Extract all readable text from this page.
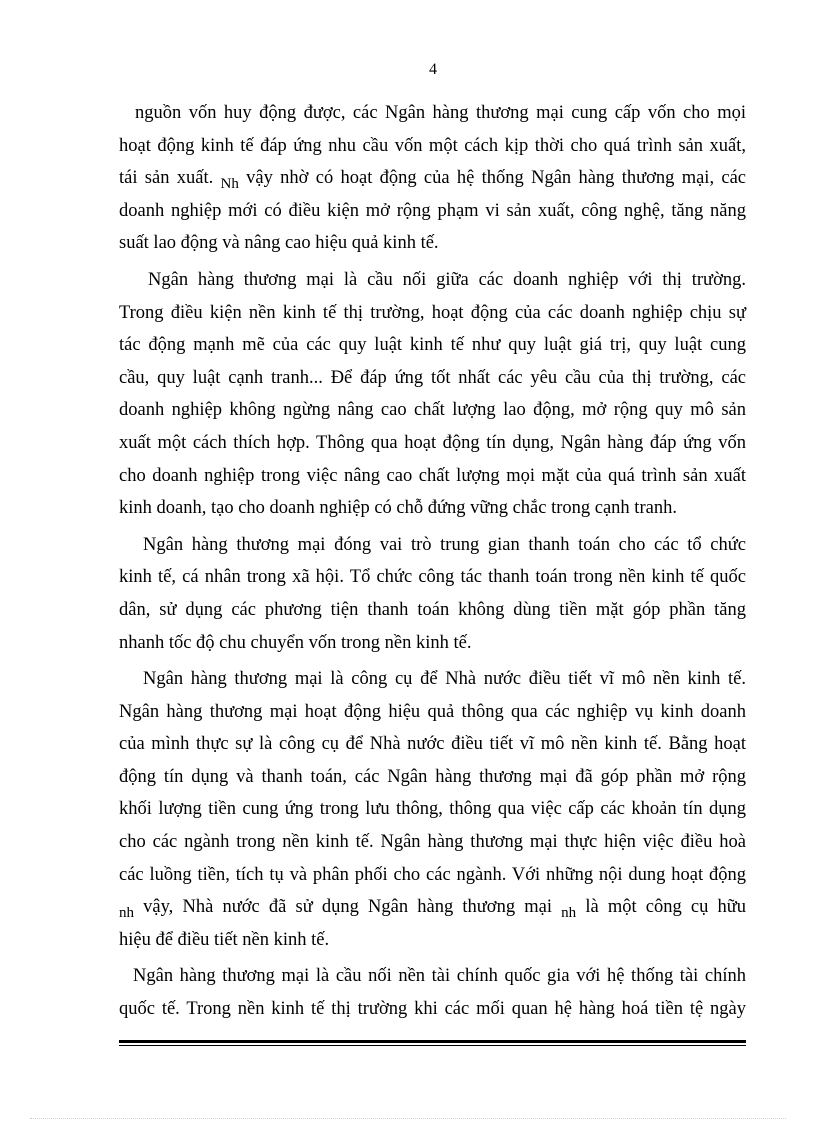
4
nguồn vốn huy động được, các Ngân hàng thương mại cung cấp vốn cho mọi
hoạt động kinh tế đáp ứng nhu cầu vốn một cách kịp thời cho quá trình sản xuất,
tái sản xuất. $_{Nh}$ vậy nhờ có hoạt động của hệ thống Ngân hàng thương mại, các
doanh nghiệp mới có điều kiện mở rộng phạm vi sản xuất, công nghệ, tăng năng
suất lao động và nâng cao hiệu quả kinh tế.
Ngân hàng thương mại là cầu nối giữa các doanh nghiệp với thị trường.
Trong điều kiện nền kinh tế thị trường, hoạt động của các doanh nghiệp chịu sự
tác động mạnh mẽ của các quy luật kinh tế như quy luật giá trị, quy luật cung
cầu, quy luật cạnh tranh... Để đáp ứng tốt nhất các yêu cầu của thị trường, các
doanh nghiệp không ngừng nâng cao chất lượng lao động, mở rộng quy mô sản
xuất một cách thích hợp. Thông qua hoạt động tín dụng, Ngân hàng đáp ứng vốn
cho doanh nghiệp trong việc nâng cao chất lượng mọi mặt của quá trình sản xuất
kinh doanh, tạo cho doanh nghiệp có chỗ đứng vững chắc trong cạnh tranh.
Ngân hàng thương mại đóng vai trò trung gian thanh toán cho các tổ chức
kinh tế, cá nhân trong xã hội. Tổ chức công tác thanh toán trong nền kinh tế quốc
dân, sử dụng các phương tiện thanh toán không dùng tiền mặt góp phần tăng
nhanh tốc độ chu chuyển vốn trong nền kinh tế.
Ngân hàng thương mại là công cụ để Nhà nước điều tiết vĩ mô nền kinh tế.
Ngân hàng thương mại hoạt động hiệu quả thông qua các nghiệp vụ kinh doanh
của mình thực sự là công cụ để Nhà nước điều tiết vĩ mô nền kinh tế. Bằng hoạt
động tín dụng và thanh toán, các Ngân hàng thương mại đã góp phần mở rộng
khối lượng tiền cung ứng trong lưu thông, thông qua việc cấp các khoản tín dụng
cho các ngành trong nền kinh tế. Ngân hàng thương mại thực hiện việc điều hoà
các luồng tiền, tích tụ và phân phối cho các ngành. Với những nội dung hoạt động
$_{nh}$ vậy, Nhà nước đã sử dụng Ngân hàng thương mại $_{nh}$ là một công cụ hữu
hiệu để điều tiết nền kinh tế.
Ngân hàng thương mại là cầu nối nền tài chính quốc gia với hệ thống tài chính
quốc tế. Trong nền kinh tế thị trường khi các mối quan hệ hàng hoá tiền tệ ngày
